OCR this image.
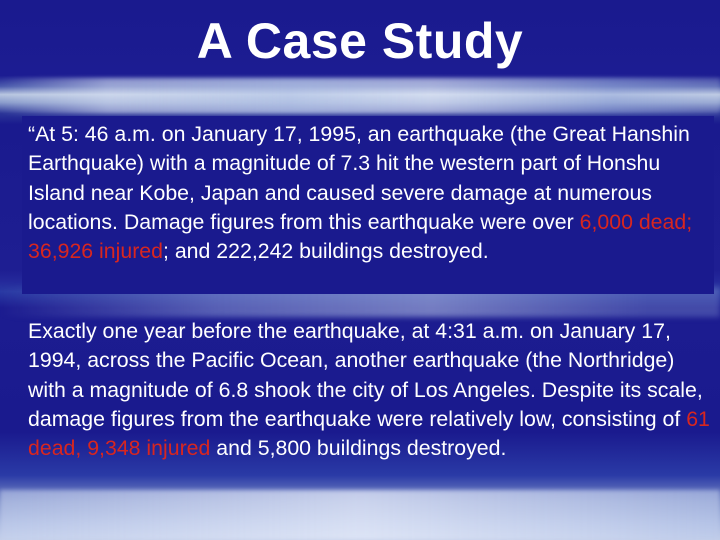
A Case Study

“At 5: 46 a.m. on January 17, 1995, an earthquake (the Great Hanshin Earthquake) with a magnitude of 7.3 hit the western part of Honshu Island near Kobe, Japan and caused severe damage at numerous locations. Damage figures from this earthquake were over 6,000 dead; 36,926 injured; and 222,242 buildings destroyed.

Exactly one year before the earthquake, at 4:31 a.m. on January 17, 1994, across the Pacific Ocean, another earthquake (the Northridge) with a magnitude of 6.8 shook the city of Los Angeles. Despite its scale, damage figures from the earthquake were relatively low, consisting of 61 dead, 9,348 injured and 5,800 buildings destroyed.
